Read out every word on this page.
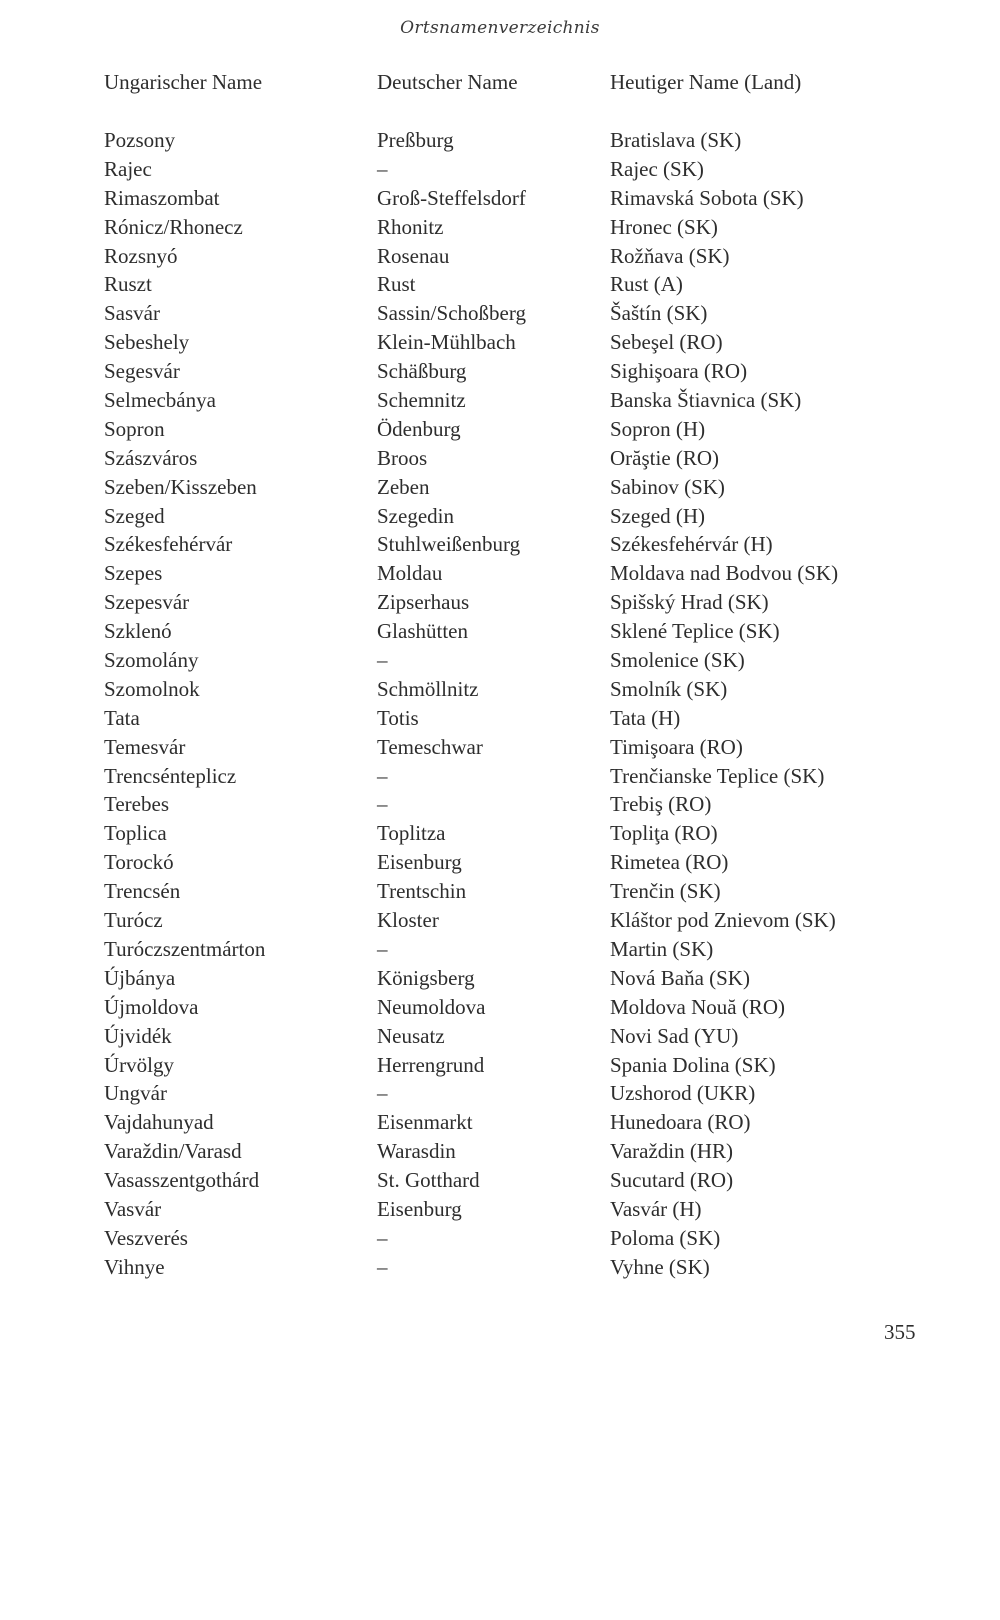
Ortsnamenverzeichnis
Ungarischer Name	Deutscher Name	Heutiger Name (Land)
Pozsony	Preßburg	Bratislava (SK)
Rajec	–	Rajec (SK)
Rimaszombat	Groß-Steffelsdorf	Rimavská Sobota (SK)
Rónicz/Rhonecz	Rhonitz	Hronec (SK)
Rozsnyó	Rosenau	Rožňava (SK)
Ruszt	Rust	Rust (A)
Sasvár	Sassin/Schoßberg	Šaštín (SK)
Sebeshely	Klein-Mühlbach	Sebeşel (RO)
Segesvár	Schäßburg	Sighişoara (RO)
Selmecbánya	Schemnitz	Banska Štiavnica (SK)
Sopron	Ödenburg	Sopron (H)
Szászváros	Broos	Orăştie (RO)
Szeben/Kisszeben	Zeben	Sabinov (SK)
Szeged	Szegedin	Szeged (H)
Székesfehérvár	Stuhlweißenburg	Székesfehérvár (H)
Szepes	Moldau	Moldava nad Bodvou (SK)
Szepesvár	Zipserhaus	Spišský Hrad (SK)
Szklenó	Glashütten	Sklené Teplice (SK)
Szomolány	–	Smolenice (SK)
Szomolnok	Schmöllnitz	Smolník (SK)
Tata	Totis	Tata (H)
Temesvár	Temeschwar	Timişoara (RO)
Trencsénteplicz	–	Trenčianske Teplice (SK)
Terebes	–	Trebiş (RO)
Toplica	Toplitza	Topliţa (RO)
Torockó	Eisenburg	Rimetea (RO)
Trencsén	Trentschin	Trenčin (SK)
Turócz	Kloster	Kláštor pod Znievom (SK)
Turóczszentmárton	–	Martin (SK)
Újbánya	Königsberg	Nová Baňa (SK)
Újmoldova	Neumoldova	Moldova Nouă (RO)
Újvidék	Neusatz	Novi Sad (YU)
Úrvölgy	Herrengrund	Spania Dolina (SK)
Ungvár	–	Uzshorod (UKR)
Vajdahunyad	Eisenmarkt	Hunedoara (RO)
Varaždin/Varasd	Warasdin	Varaždin (HR)
Vasasszentgothárd	St. Gotthard	Sucutard (RO)
Vasvár	Eisenburg	Vasvár (H)
Veszverés	–	Poloma (SK)
Vihnye	–	Vyhne (SK)
355
